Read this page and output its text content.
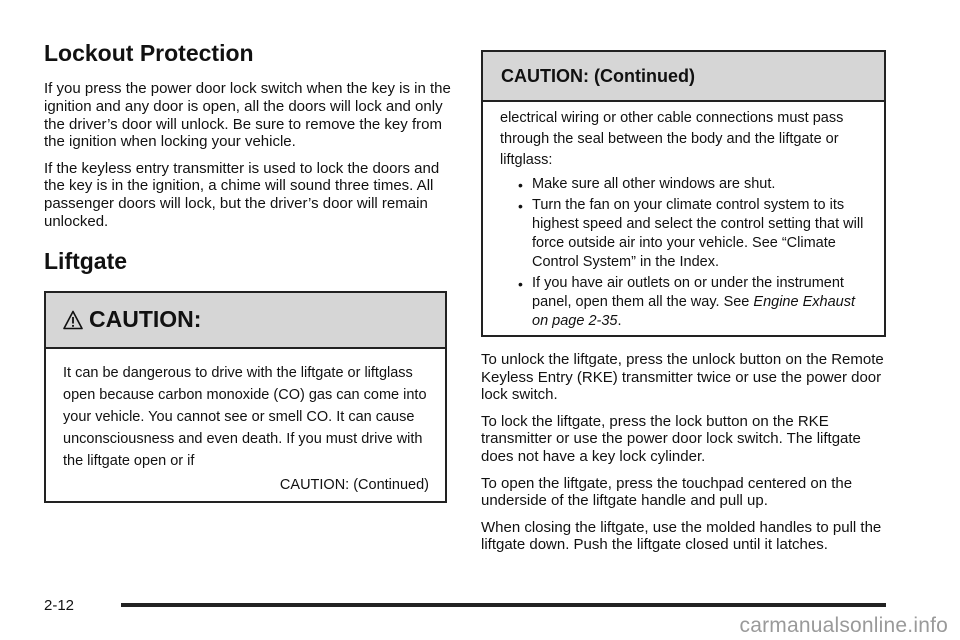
Lockout Protection

If you press the power door lock switch when the key is in the ignition and any door is open, all the doors will lock and only the driver’s door will unlock. Be sure to remove the key from the ignition when locking your vehicle.

If the keyless entry transmitter is used to lock the doors and the key is in the ignition, a chime will sound three times. All passenger doors will lock, but the driver’s door will remain unlocked.

Liftgate
CAUTION:
It can be dangerous to drive with the liftgate or liftglass open because carbon monoxide (CO) gas can come into your vehicle. You cannot see or smell CO. It can cause unconsciousness and even death. If you must drive with the liftgate open or if
CAUTION: (Continued)
CAUTION: (Continued)
electrical wiring or other cable connections must pass through the seal between the body and the liftgate or liftglass:
• Make sure all other windows are shut.
• Turn the fan on your climate control system to its highest speed and select the control setting that will force outside air into your vehicle. See “Climate Control System” in the Index.
• If you have air outlets on or under the instrument panel, open them all the way. See Engine Exhaust on page 2-35.

To unlock the liftgate, press the unlock button on the Remote Keyless Entry (RKE) transmitter twice or use the power door lock switch.

To lock the liftgate, press the lock button on the RKE transmitter or use the power door lock switch. The liftgate does not have a key lock cylinder.

To open the liftgate, press the touchpad centered on the underside of the liftgate handle and pull up.

When closing the liftgate, use the molded handles to pull the liftgate down. Push the liftgate closed until it latches.

2-12
carmanualsonline.info
